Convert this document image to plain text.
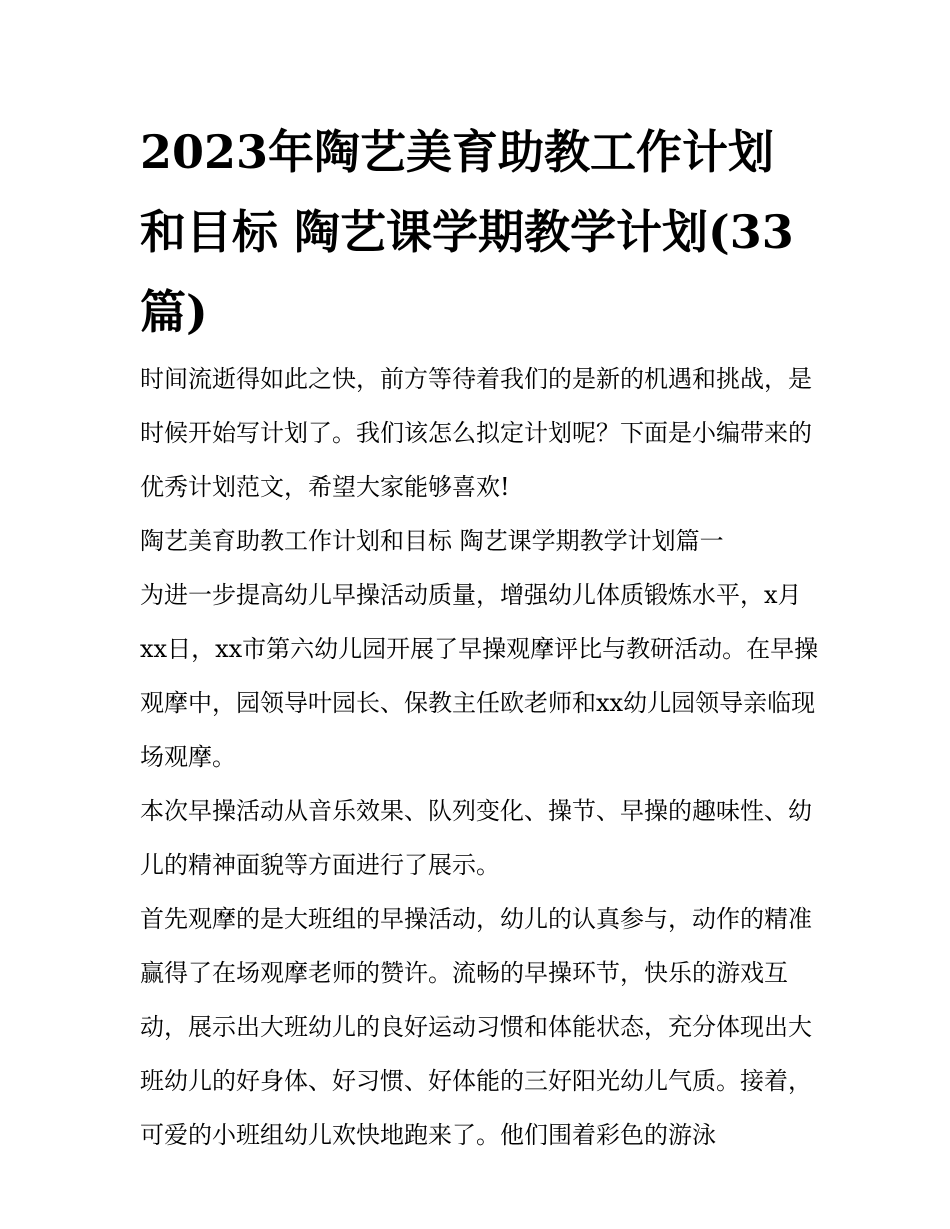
2023年陶艺美育助教工作计划和目标 陶艺课学期教学计划(33篇)

时间流逝得如此之快，前方等待着我们的是新的机遇和挑战，是时候开始写计划了。我们该怎么拟定计划呢？下面是小编带来的优秀计划范文，希望大家能够喜欢!

陶艺美育助教工作计划和目标 陶艺课学期教学计划篇一

为进一步提高幼儿早操活动质量，增强幼儿体质锻炼水平，x月xx日，xx市第六幼儿园开展了早操观摩评比与教研活动。在早操观摩中，园领导叶园长、保教主任欧老师和xx幼儿园领导亲临现场观摩。

本次早操活动从音乐效果、队列变化、操节、早操的趣味性、幼儿的精神面貌等方面进行了展示。

首先观摩的是大班组的早操活动，幼儿的认真参与，动作的精准赢得了在场观摩老师的赞许。流畅的早操环节，快乐的游戏互动，展示出大班幼儿的良好运动习惯和体能状态，充分体现出大班幼儿的好身体、好习惯、好体能的三好阳光幼儿气质。接着，可爱的小班组幼儿欢快地跑来了。他们围着彩色的游泳
